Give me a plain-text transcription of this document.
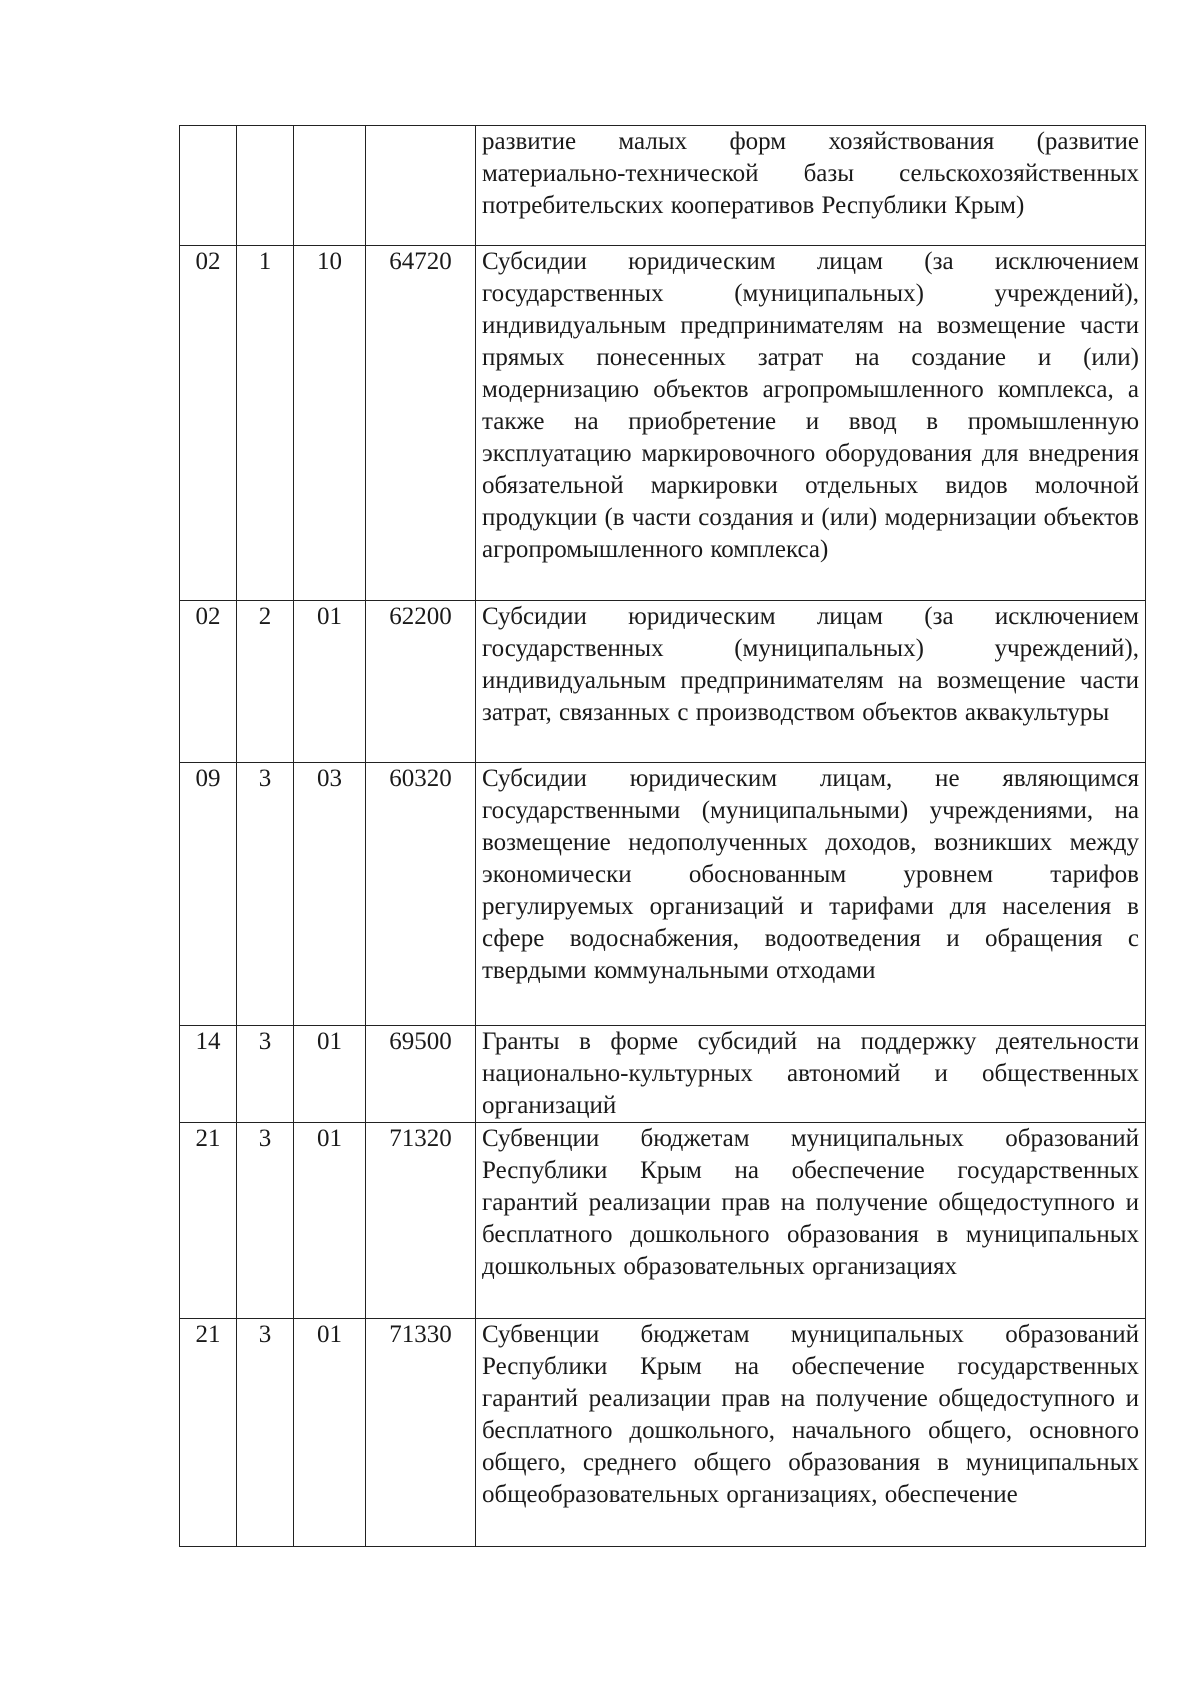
				развитие малых форм хозяйствования (развитие материально-технической базы сельскохозяйственных потребительских кооперативов Республики Крым)
02	1	10	64720	Субсидии юридическим лицам (за исключением государственных (муниципальных) учреждений), индивидуальным предпринимателям на возмещение части прямых понесенных затрат на создание и (или) модернизацию объектов агропромышленного комплекса, а также на приобретение и ввод в промышленную эксплуатацию маркировочного оборудования для внедрения обязательной маркировки отдельных видов молочной продукции (в части создания и (или) модернизации объектов агропромышленного комплекса)
02	2	01	62200	Субсидии юридическим лицам (за исключением государственных (муниципальных) учреждений), индивидуальным предпринимателям на возмещение части затрат, связанных с производством объектов аквакультуры
09	3	03	60320	Субсидии юридическим лицам, не являющимся государственными (муниципальными) учреждениями, на возмещение недополученных доходов, возникших между экономически обоснованным уровнем тарифов регулируемых организаций и тарифами для населения в сфере водоснабжения, водоотведения и обращения с твердыми коммунальными отходами
14	3	01	69500	Гранты в форме субсидий на поддержку деятельности национально-культурных автономий и общественных организаций
21	3	01	71320	Субвенции бюджетам муниципальных образований Республики Крым на обеспечение государственных гарантий реализации прав на получение общедоступного и бесплатного дошкольного образования в муниципальных дошкольных образовательных организациях
21	3	01	71330	Субвенции бюджетам муниципальных образований Республики Крым на обеспечение государственных гарантий реализации прав на получение общедоступного и бесплатного дошкольного, начального общего, основного общего, среднего общего образования в муниципальных общеобразовательных организациях, обеспечение
